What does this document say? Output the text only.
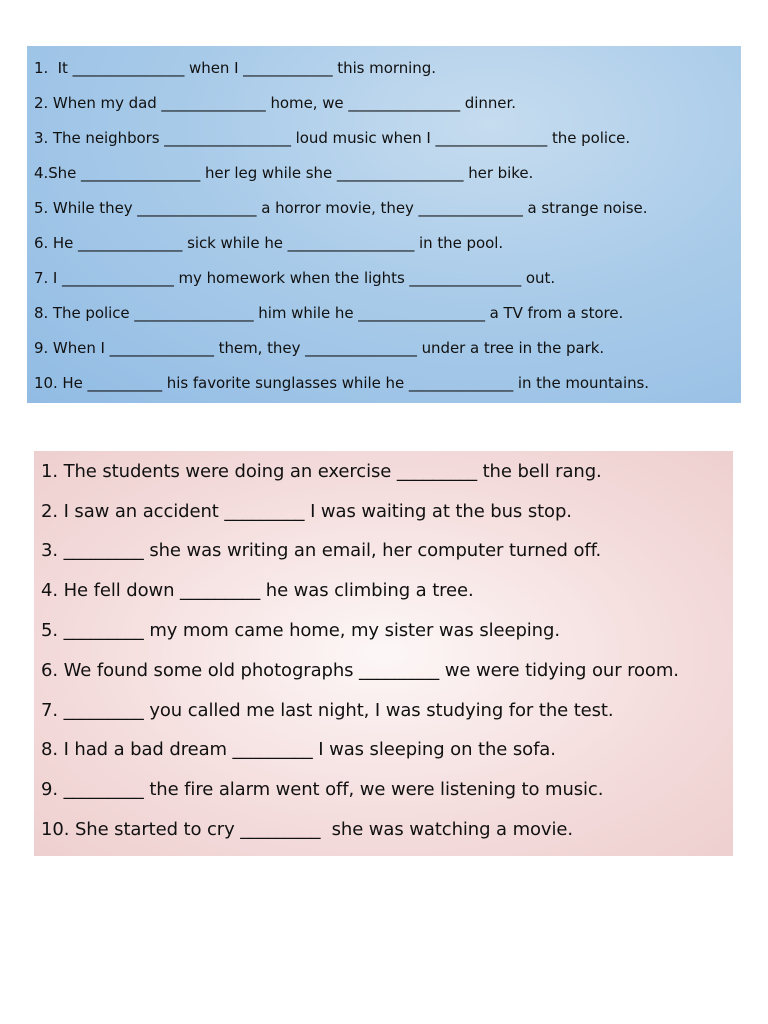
1.  It _______________ when I ____________ this morning.
2. When my dad ______________ home, we _______________ dinner.
3. The neighbors _________________ loud music when I _______________ the police.
4.She ________________ her leg while she _________________ her bike.
5. While they ________________ a horror movie, they ______________ a strange noise.
6. He ______________ sick while he _________________ in the pool.
7. I _______________ my homework when the lights _______________ out.
8. The police ________________ him while he _________________ a TV from a store.
9. When I ______________ them, they _______________ under a tree in the park.
10. He __________ his favorite sunglasses while he ______________ in the mountains.
1. The students were doing an exercise _________ the bell rang.
2. I saw an accident _________ I was waiting at the bus stop.
3. _________ she was writing an email, her computer turned off.
4. He fell down _________ he was climbing a tree.
5. _________ my mom came home, my sister was sleeping.
6. We found some old photographs _________ we were tidying our room.
7. _________ you called me last night, I was studying for the test.
8. I had a bad dream _________ I was sleeping on the sofa.
9. _________ the fire alarm went off, we were listening to music.
10. She started to cry _________  she was watching a movie.
